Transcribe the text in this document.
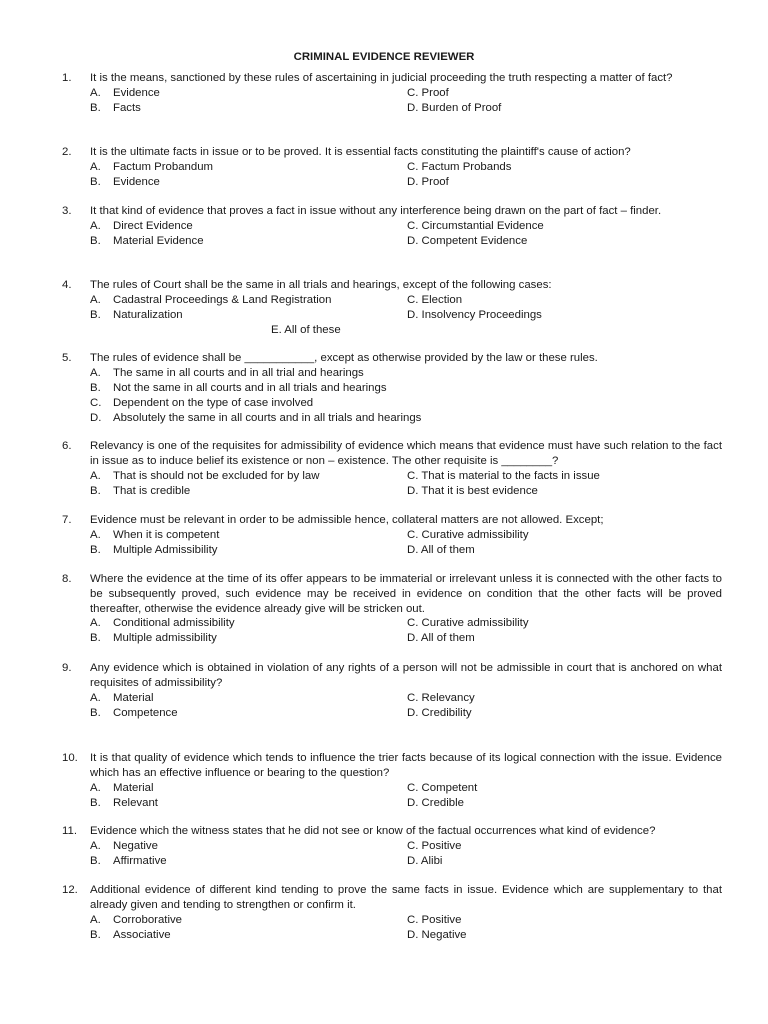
CRIMINAL EVIDENCE REVIEWER
1.	It is the means, sanctioned by these rules of ascertaining in judicial proceeding the truth respecting a matter of fact?
A. Evidence
B. Facts
C. Proof
D. Burden of Proof
2.	It is the ultimate facts in issue or to be proved. It is essential facts constituting the plaintiff's cause of action?
A. Factum Probandum
B. Evidence
C. Factum Probands
D. Proof
3.	It that kind of evidence that proves a fact in issue without any interference being drawn on the part of fact – finder.
A. Direct Evidence
B. Material Evidence
C. Circumstantial Evidence
D. Competent Evidence
4.	The rules of Court shall be the same in all trials and hearings, except of the following cases:
A. Cadastral Proceedings & Land Registration
B. Naturalization
C. Election
D. Insolvency Proceedings
E. All of these
5.	The rules of evidence shall be ___________, except as otherwise provided by the law or these rules.
A. The same in all courts and in all trial and hearings
B. Not the same in all courts and in all trials and hearings
C. Dependent on the type of case involved
D. Absolutely the same in all courts and in all trials and hearings
6.	Relevancy is one of the requisites for admissibility of evidence which means that evidence must have such relation to the fact in issue as to induce belief its existence or non – existence. The other requisite is ________?
A. That is should not be excluded for by law
B. That is credible
C. That is material to the facts in issue
D. That it is best evidence
7.	Evidence must be relevant in order to be admissible hence, collateral matters are not allowed. Except;
A. When it is competent
B. Multiple Admissibility
C. Curative admissibility
D. All of them
8.	Where the evidence at the time of its offer appears to be immaterial or irrelevant unless it is connected with the other facts to be subsequently proved, such evidence may be received in evidence on condition that the other facts will be proved thereafter, otherwise the evidence already give will be stricken out.
A. Conditional admissibility
B. Multiple admissibility
C. Curative admissibility
D. All of them
9.	Any evidence which is obtained in violation of any rights of a person will not be admissible in court that is anchored on what requisites of admissibility?
A. Material
B. Competence
C. Relevancy
D. Credibility
10.	It is that quality of evidence which tends to influence the trier facts because of its logical connection with the issue. Evidence which has an effective influence or bearing to the question?
A. Material
B. Relevant
C. Competent
D. Credible
11.	Evidence which the witness states that he did not see or know of the factual occurrences what kind of evidence?
A. Negative
B. Affirmative
C. Positive
D. Alibi
12.	Additional evidence of different kind tending to prove the same facts in issue. Evidence which are supplementary to that already given and tending to strengthen or confirm it.
A. Corroborative
B. Associative
C. Positive
D. Negative
